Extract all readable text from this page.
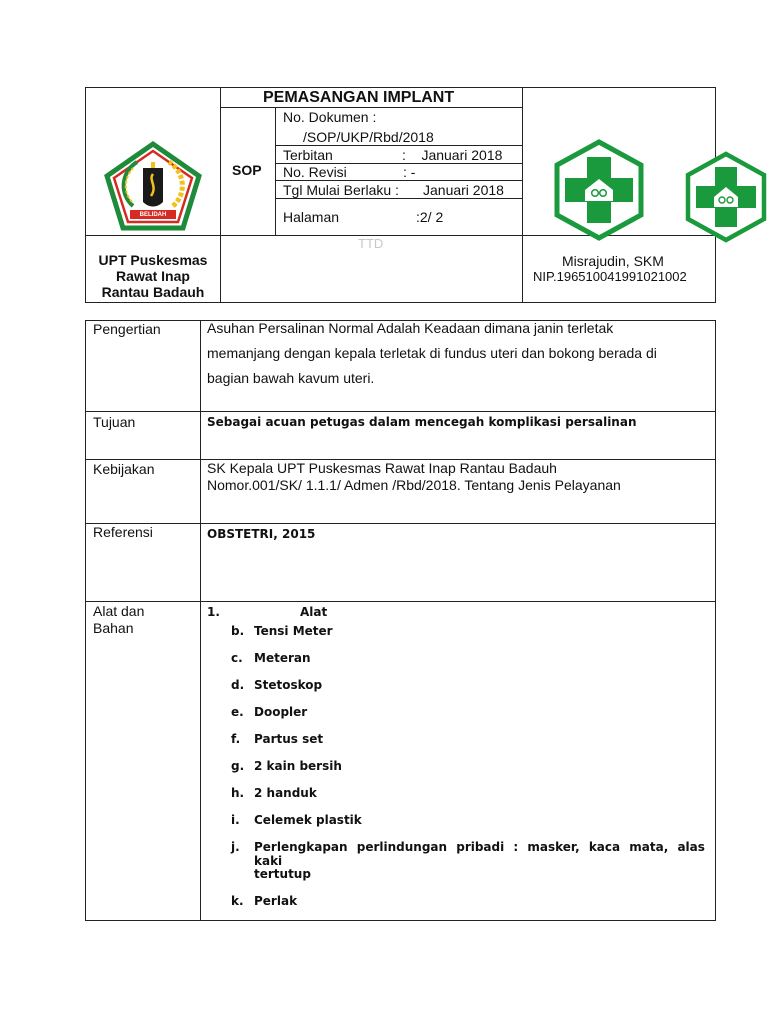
BELIDAH
SOP
PEMASANGAN IMPLANT
No. Dokumen :
/SOP/UKP/Rbd/2018
Terbitan	:    Januari 2018
No. Revisi	: -
Tgl Mulai Berlaku : Januari 2018
Halaman	:2/ 2
TTD
UPT Puskesmas
Rawat Inap
Rantau Badauh
Misrajudin, SKM
NIP.196510041991021002
Pengertian	Asuhan Persalinan Normal Adalah Keadaan dimana janin terletak
memanjang dengan kepala terletak di fundus uteri dan bokong berada di
bagian bawah kavum uteri.
Tujuan	Sebagai acuan petugas dalam mencegah komplikasi persalinan
Kebijakan	SK Kepala UPT Puskesmas Rawat Inap Rantau Badauh
Nomor.001/SK/ 1.1.1/ Admen /Rbd/2018. Tentang Jenis Pelayanan
Referensi	OBSTETRI, 2015
Alat dan
Bahan
1.	Alat
b. Tensi Meter
c. Meteran
d. Stetoskop
e. Doopler
f. Partus set
g. 2 kain bersih
h. 2 handuk
i. Celemek plastik
j. Perlengkapan perlindungan pribadi : masker, kaca mata, alas kaki
tertutup
k. Perlak
